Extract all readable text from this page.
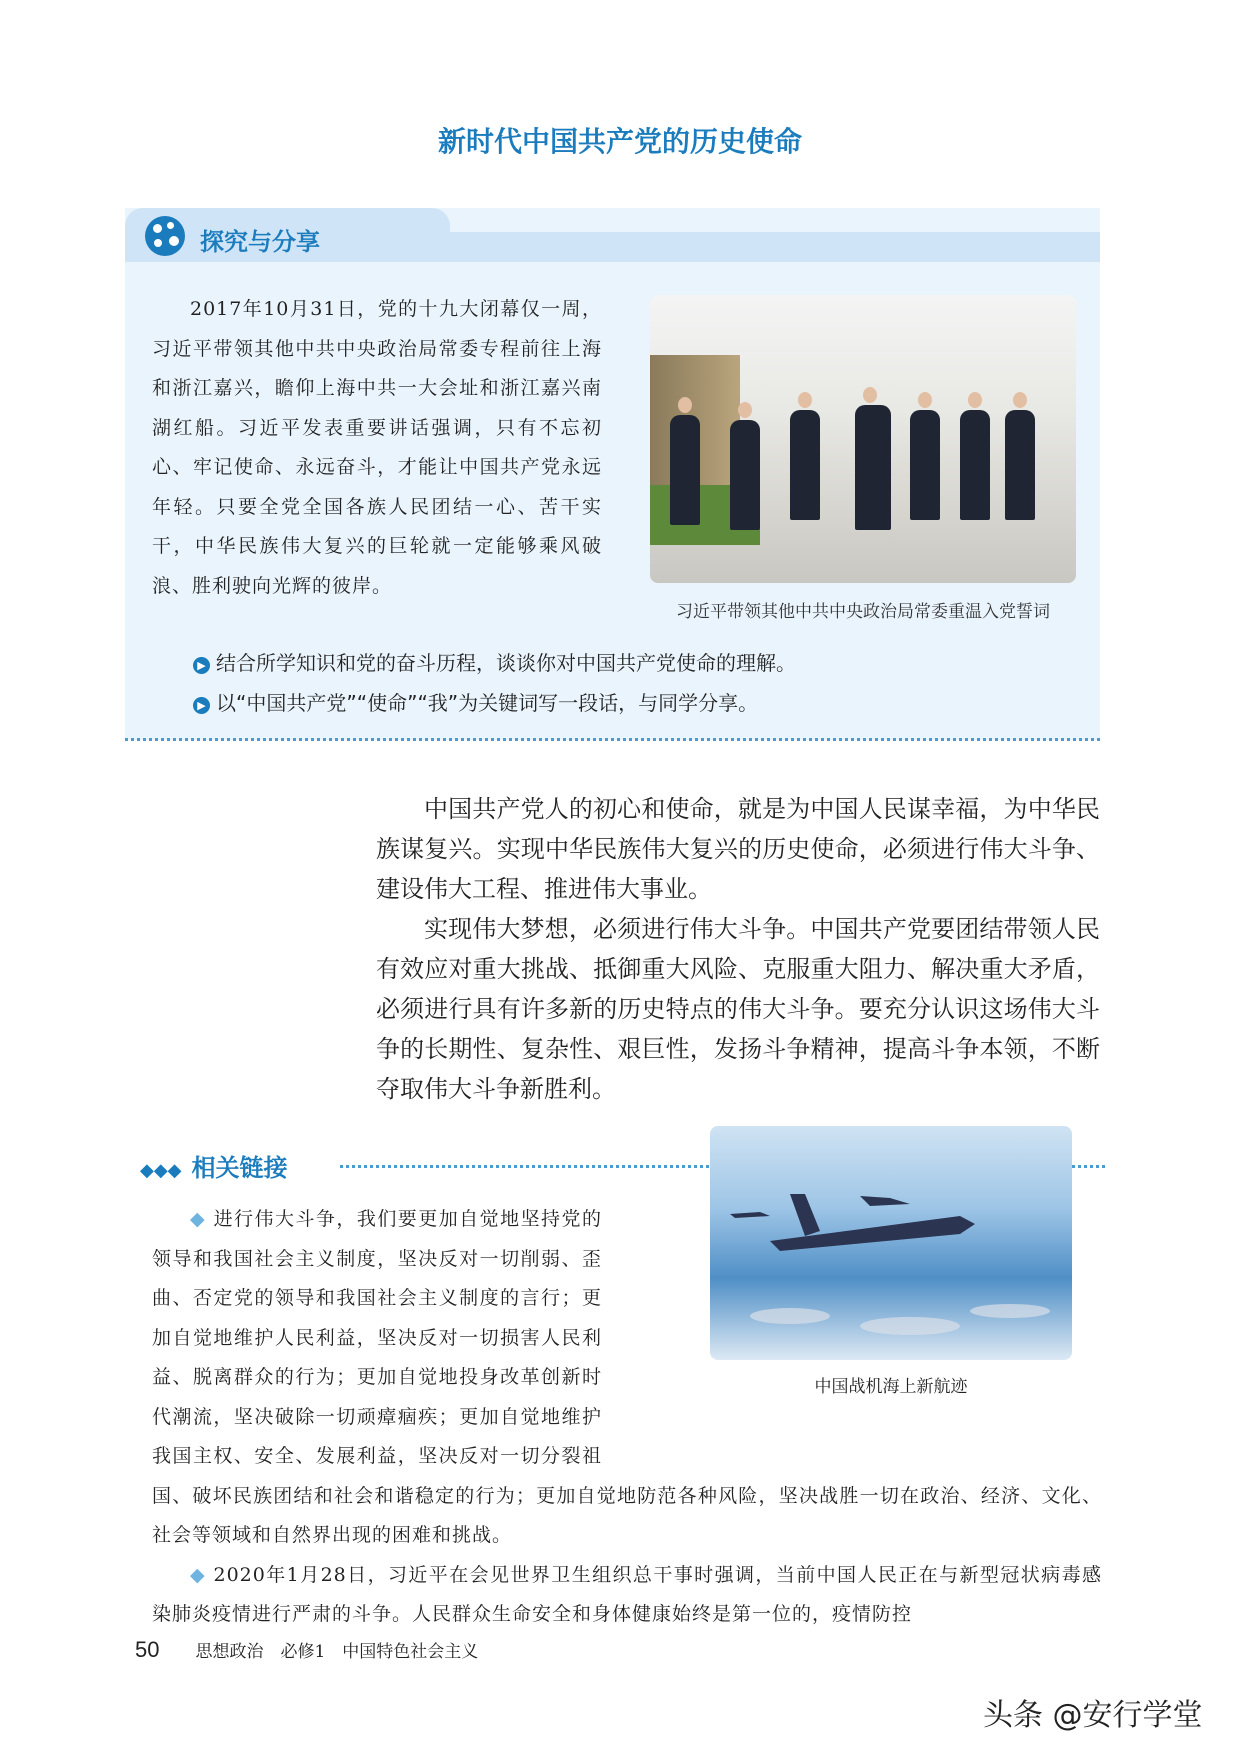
新时代中国共产党的历史使命
探究与分享

2017年10月31日，党的十九大闭幕仅一周，习近平带领其他中共中央政治局常委专程前往上海和浙江嘉兴，瞻仰上海中共一大会址和浙江嘉兴南湖红船。习近平发表重要讲话强调，只有不忘初心、牢记使命、永远奋斗，才能让中国共产党永远年轻。只要全党全国各族人民团结一心、苦干实干，中华民族伟大复兴的巨轮就一定能够乘风破浪、胜利驶向光辉的彼岸。

习近平带领其他中共中央政治局常委重温入党誓词
▶ 结合所学知识和党的奋斗历程，谈谈你对中国共产党使命的理解。
▶ 以“中国共产党”“使命”“我”为关键词写一段话，与同学分享。

中国共产党人的初心和使命，就是为中国人民谋幸福，为中华民族谋复兴。实现中华民族伟大复兴的历史使命，必须进行伟大斗争、建设伟大工程、推进伟大事业。

实现伟大梦想，必须进行伟大斗争。中国共产党要团结带领人民有效应对重大挑战、抵御重大风险、克服重大阻力、解决重大矛盾，必须进行具有许多新的历史特点的伟大斗争。要充分认识这场伟大斗争的长期性、复杂性、艰巨性，发扬斗争精神，提高斗争本领，不断夺取伟大斗争新胜利。

◆◆◆ 相关链接
中国战机海上新航迹

◆ 进行伟大斗争，我们要更加自觉地坚持党的领导和我国社会主义制度，坚决反对一切削弱、歪曲、否定党的领导和我国社会主义制度的言行；更加自觉地维护人民利益，坚决反对一切损害人民利益、脱离群众的行为；更加自觉地投身改革创新时代潮流，坚决破除一切顽瘴痼疾；更加自觉地维护我国主权、安全、发展利益，坚决反对一切分裂祖国、破坏民族团结和社会和谐稳定的行为；更加自觉地防范各种风险，坚决战胜一切在政治、经济、文化、社会等领域和自然界出现的困难和挑战。

◆ 2020年1月28日，习近平在会见世界卫生组织总干事时强调，当前中国人民正在与新型冠状病毒感染肺炎疫情进行严肃的斗争。人民群众生命安全和身体健康始终是第一位的，疫情防控

50 思想政治　必修1　中国特色社会主义
头条 @安行学堂
